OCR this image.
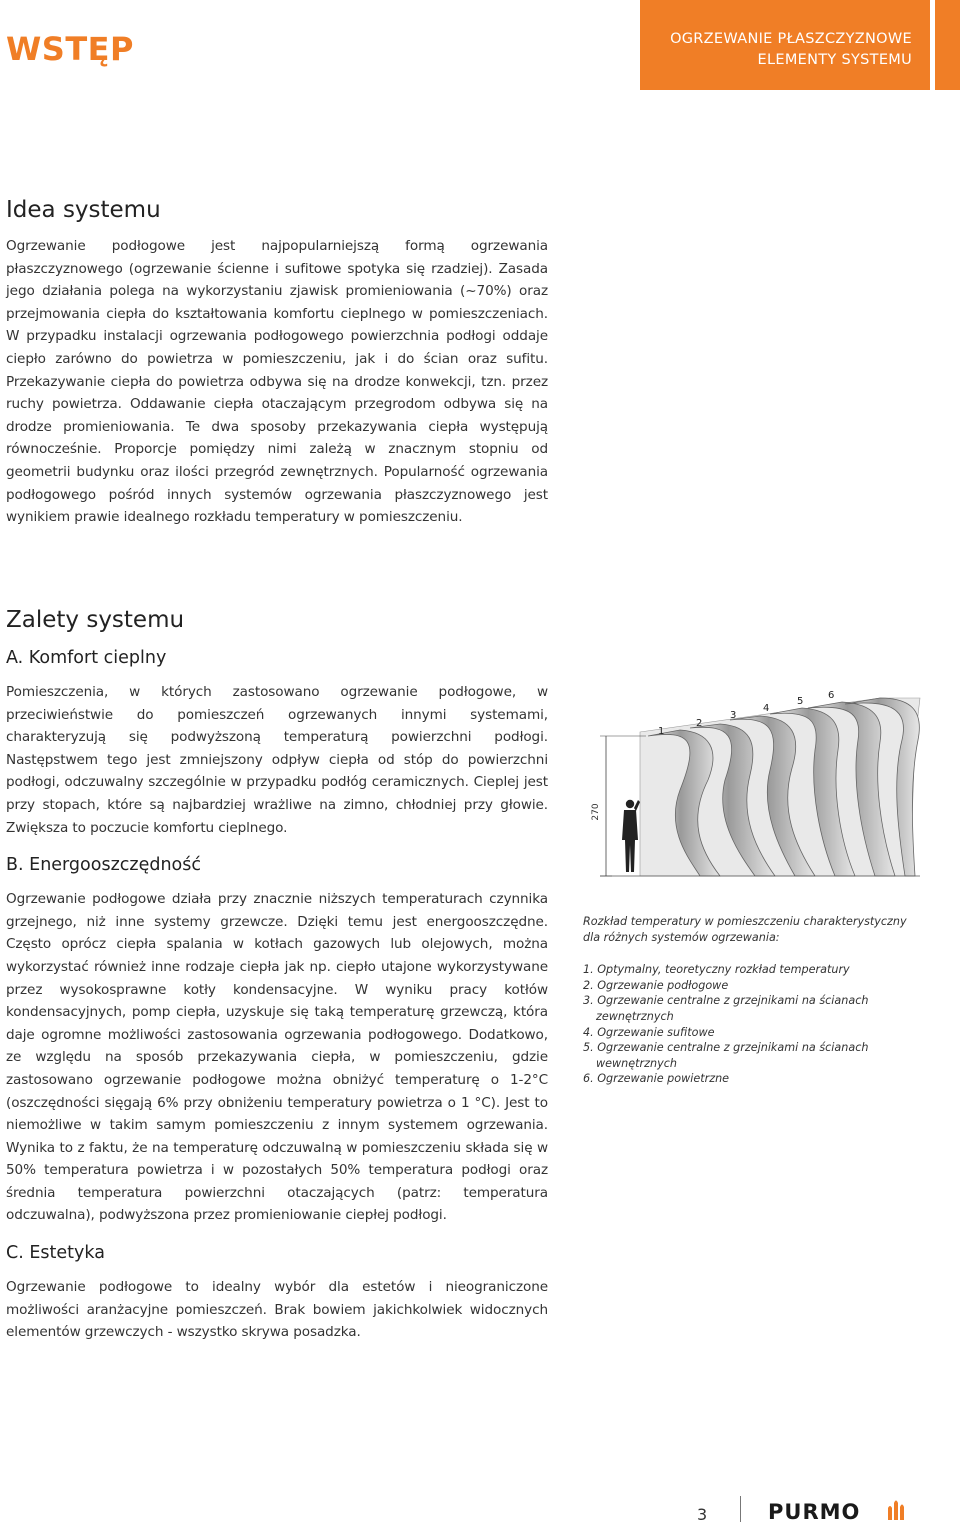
WSTĘP	OGRZEWANIE PŁASZCZYZNOWE
ELEMENTY SYSTEMU
Idea systemu

Ogrzewanie podłogowe jest najpopularniejszą formą ogrzewania płaszczyznowego (ogrzewanie ścienne i sufitowe spotyka się rzadziej). Zasada jego działania polega na wykorzystaniu zjawisk promieniowania (~70%) oraz przejmowania ciepła do kształtowania komfortu cieplnego w pomieszczeniach. W przypadku instalacji ogrzewania podłogowego powierzchnia podłogi oddaje ciepło zarówno do powietrza w pomieszczeniu, jak i do ścian oraz sufitu. Przekazywanie ciepła do powietrza odbywa się na drodze konwekcji, tzn. przez ruchy powietrza. Oddawanie ciepła otaczającym przegrodom odbywa się na drodze promieniowania. Te dwa sposoby przekazywania ciepła występują równocześnie. Proporcje pomiędzy nimi zależą w znacznym stopniu od geometrii budynku oraz ilości przegród zewnętrznych. Popularność ogrzewania podłogowego pośród innych systemów ogrzewania płaszczyznowego jest wynikiem prawie idealnego rozkładu temperatury w pomieszczeniu.

Zalety systemu
A. Komfort cieplny

Pomieszczenia, w których zastosowano ogrzewanie podłogowe, w przeciwieństwie do pomieszczeń ogrzewanych innymi systemami, charakteryzują się podwyższoną temperaturą powierzchni podłogi. Następstwem tego jest zmniejszony odpływ ciepła od stóp do powierzchni podłogi, odczuwalny szczególnie w przypadku podłóg ceramicznych. Cieplej jest przy stopach, które są najbardziej wrażliwe na zimno, chłodniej przy głowie. Zwiększa to poczucie komfortu cieplnego.

B. Energooszczędność

Ogrzewanie podłogowe działa przy znacznie niższych temperaturach czynnika grzejnego, niż inne systemy grzewcze. Dzięki temu jest energooszczędne. Często oprócz ciepła spalania w kotłach gazowych lub olejowych, można wykorzystać również inne rodzaje ciepła jak np. ciepło utajone wykorzystywane przez wysokosprawne kotły kondensacyjne. W wyniku pracy kotłów kondensacyjnych, pomp ciepła, uzyskuje się taką temperaturę grzewczą, która daje ogromne możliwości zastosowania ogrzewania podłogowego. Dodatkowo, ze względu na sposób przekazywania ciepła, w pomieszczeniu, gdzie zastosowano ogrzewanie podłogowe można obniżyć temperaturę o 1-2°C (oszczędności sięgają 6% przy obniżeniu temperatury powietrza o 1 °C). Jest to niemożliwe w takim samym pomieszczeniu z innym systemem ogrzewania. Wynika to z faktu, że na temperaturę odczuwalną w pomieszczeniu składa się w 50% temperatura powietrza i w pozostałych 50% temperatura podłogi oraz średnia temperatura powierzchni otaczających (patrz: temperatura odczuwalna), podwyższona przez promieniowanie ciepłej podłogi.

C. Estetyka

Ogrzewanie podłogowe to idealny wybór dla estetów i nieograniczone możliwości aranżacyjne pomieszczeń. Brak bowiem jakichkolwiek widocznych elementów grzewczych - wszystko skrywa posadzka.

270
1
2
3
4
5
6
Rozkład temperatury w pomieszczeniu charakterystyczny dla różnych systemów ogrzewania:
1. Optymalny, teoretyczny rozkład temperatury
2. Ogrzewanie podłogowe
3. Ogrzewanie centralne z grzejnikami na ścianach zewnętrznych
4. Ogrzewanie sufitowe
5. Ogrzewanie centralne z grzejnikami na ścianach wewnętrznych
6. Ogrzewanie powietrzne
3	PURMO
